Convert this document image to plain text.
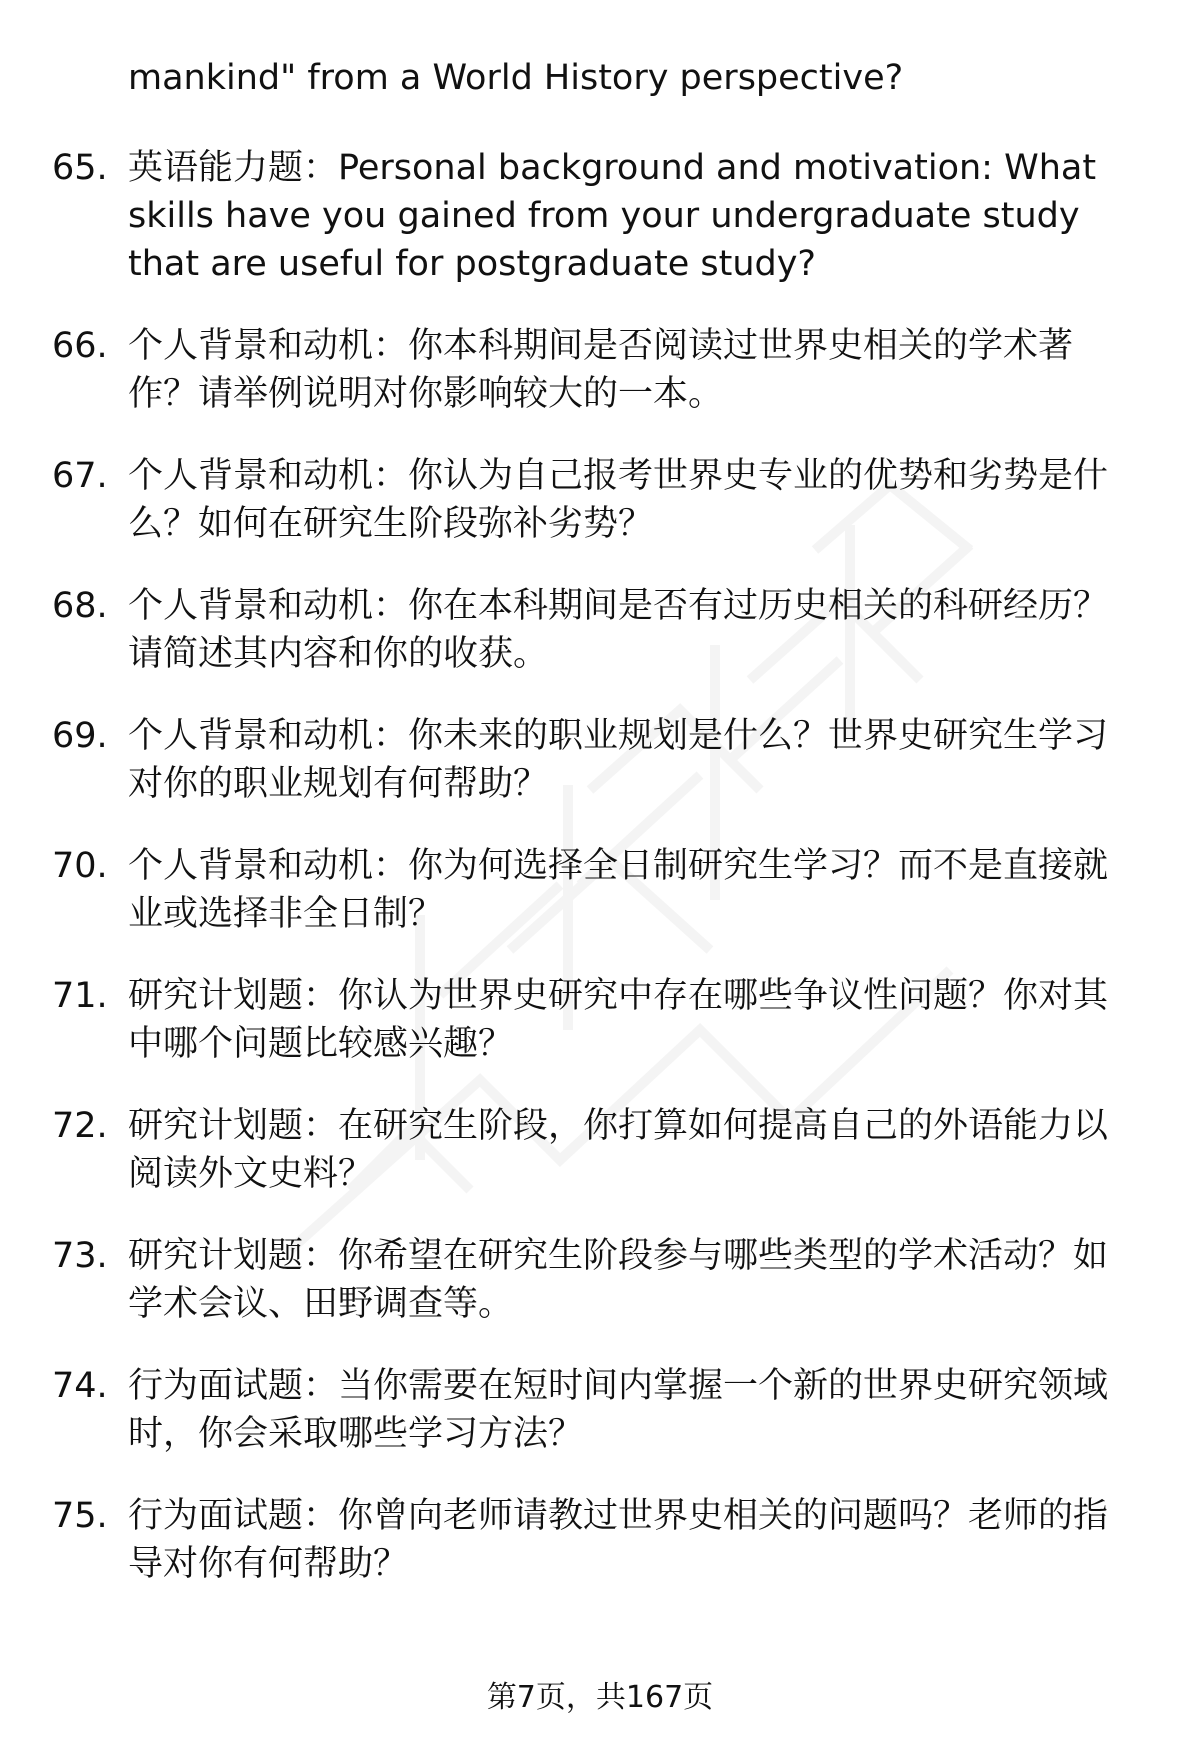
mankind" from a World History perspective?
65. 英语能力题：Personal background and motivation: What skills have you gained from your undergraduate study that are useful for postgraduate study?
66. 个人背景和动机：你本科期间是否阅读过世界史相关的学术著作？请举例说明对你影响较大的一本。
67. 个人背景和动机：你认为自己报考世界史专业的优势和劣势是什么？如何在研究生阶段弥补劣势？
68. 个人背景和动机：你在本科期间是否有过历史相关的科研经历？请简述其内容和你的收获。
69. 个人背景和动机：你未来的职业规划是什么？世界史研究生学习对你的职业规划有何帮助？
70. 个人背景和动机：你为何选择全日制研究生学习？而不是直接就业或选择非全日制？
71. 研究计划题：你认为世界史研究中存在哪些争议性问题？你对其中哪个问题比较感兴趣？
72. 研究计划题：在研究生阶段，你打算如何提高自己的外语能力以阅读外文史料？
73. 研究计划题：你希望在研究生阶段参与哪些类型的学术活动？如学术会议、田野调查等。
74. 行为面试题：当你需要在短时间内掌握一个新的世界史研究领域时，你会采取哪些学习方法？
75. 行为面试题：你曾向老师请教过世界史相关的问题吗？老师的指导对你有何帮助？
第7页，共167页
